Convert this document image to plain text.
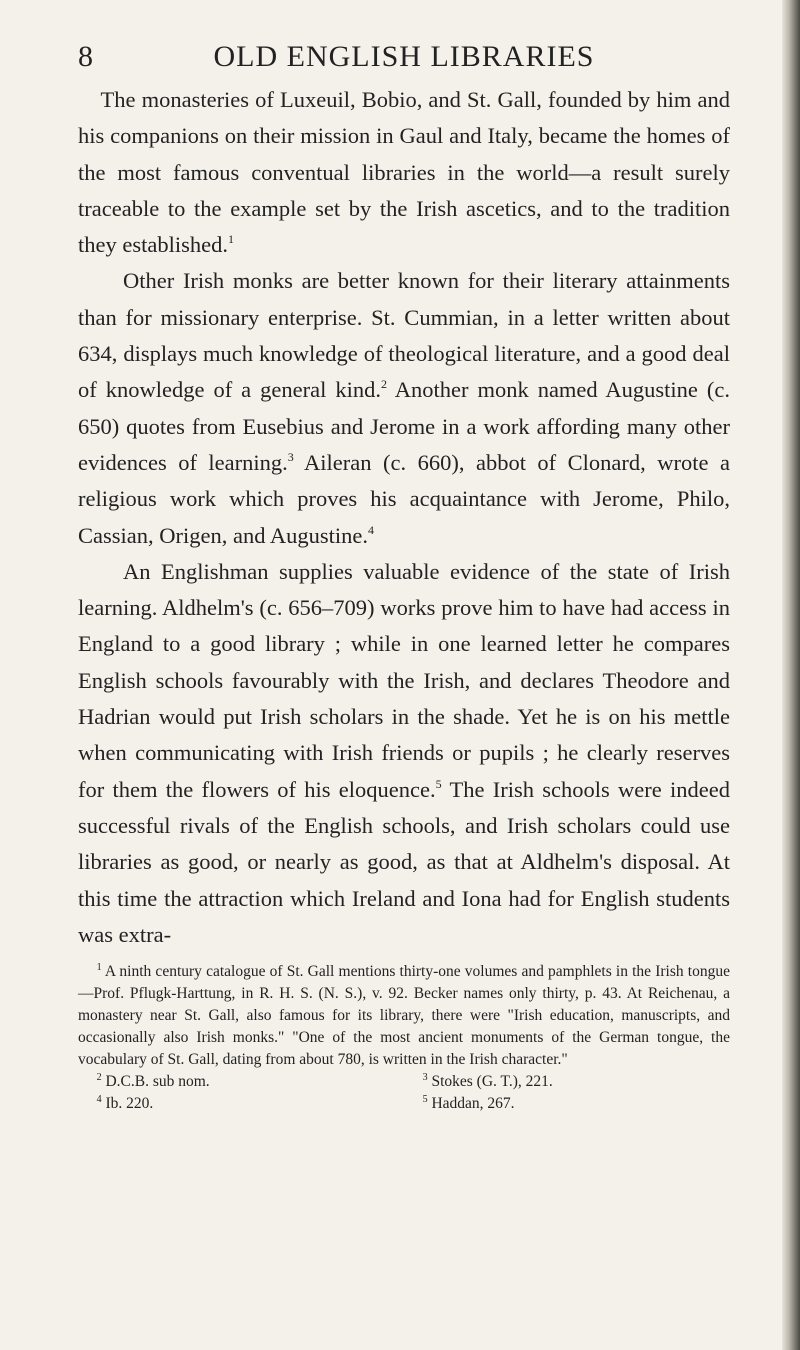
8	OLD ENGLISH LIBRARIES

The monasteries of Luxeuil, Bobio, and St. Gall, founded by him and his companions on their mission in Gaul and Italy, became the homes of the most famous conventual libraries in the world—a result surely traceable to the example set by the Irish ascetics, and to the tradition they established.$^1$

Other Irish monks are better known for their literary attainments than for missionary enterprise. St. Cummian, in a letter written about 634, displays much knowledge of theological literature, and a good deal of knowledge of a general kind.$^2$ Another monk named Augustine (c. 650) quotes from Eusebius and Jerome in a work affording many other evidences of learning.$^3$ Aileran (c. 660), abbot of Clonard, wrote a religious work which proves his acquaintance with Jerome, Philo, Cassian, Origen, and Augustine.$^4$

An Englishman supplies valuable evidence of the state of Irish learning. Aldhelm's (c. 656–709) works prove him to have had access in England to a good library ; while in one learned letter he compares English schools favourably with the Irish, and declares Theodore and Hadrian would put Irish scholars in the shade. Yet he is on his mettle when communicating with Irish friends or pupils ; he clearly reserves for them the flowers of his eloquence.$^5$ The Irish schools were indeed successful rivals of the English schools, and Irish scholars could use libraries as good, or nearly as good, as that at Aldhelm's disposal. At this time the attraction which Ireland and Iona had for English students was extra-

$^1$ A ninth century catalogue of St. Gall mentions thirty-one volumes and pamphlets in the Irish tongue—Prof. Pflugk-Harttung, in R. H. S. (N. S.), v. 92. Becker names only thirty, p. 43. At Reichenau, a monastery near St. Gall, also famous for its library, there were "Irish education, manuscripts, and occasionally also Irish monks." "One of the most ancient monuments of the German tongue, the vocabulary of St. Gall, dating from about 780, is written in the Irish character."

$^2$ D.C.B. sub nom.	$^3$ Stokes (G. T.), 221.
$^4$ Ib. 220.	$^5$ Haddan, 267.
